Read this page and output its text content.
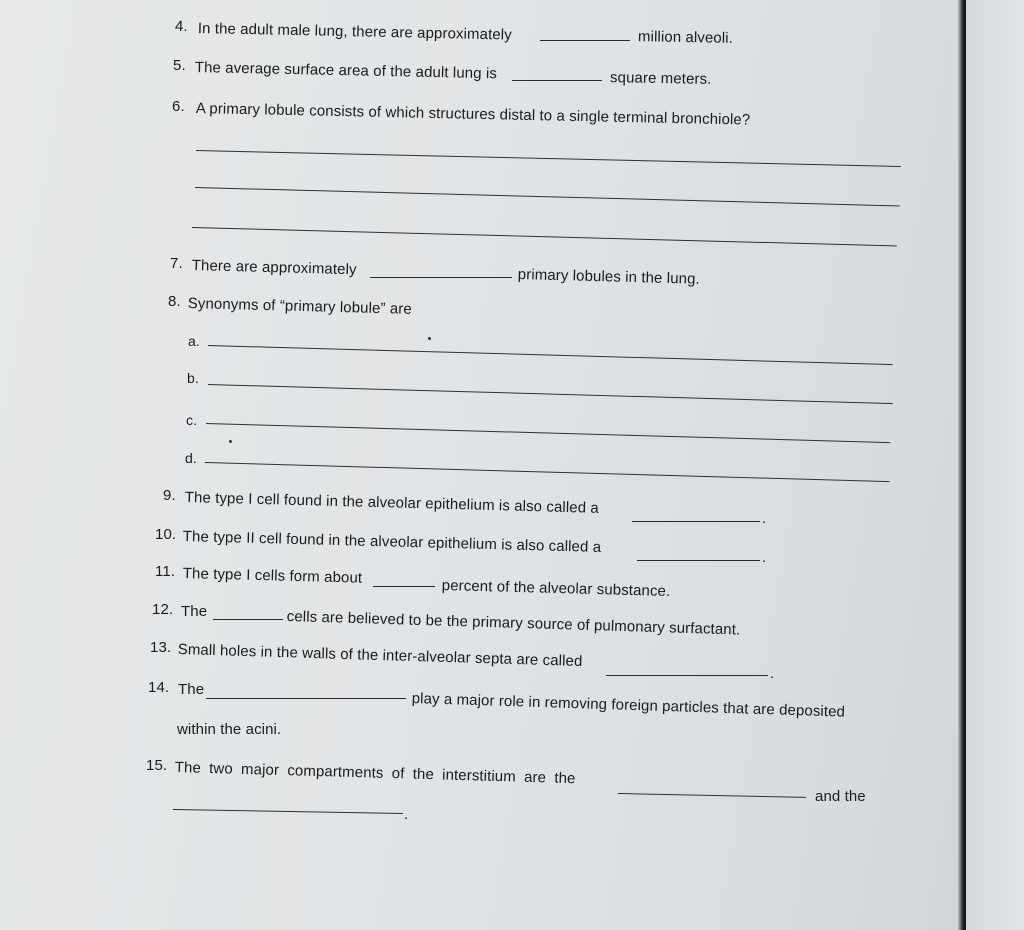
4. In the adult male lung, there are approximately	million alveoli.
5. The average surface area of the adult lung is	square meters.
6. A primary lobule consists of which structures distal to a single terminal bronchiole?
7. There are approximately	primary lobules in the lung.
8. Synonyms of “primary lobule” are
a.
b.
c.
d.
9. The type I cell found in the alveolar epithelium is also called a
.
10. The type II cell found in the alveolar epithelium is also called a
.
11. The type I cells form about
percent of the alveolar substance.
12. The	cells are believed to be the primary source of pulmonary surfactant.
13. Small holes in the walls of the inter-alveolar septa are called
.
14. The
play a major role in removing foreign particles that are deposited
within the acini.
15. The two major compartments of the interstitium are the
and the
.
